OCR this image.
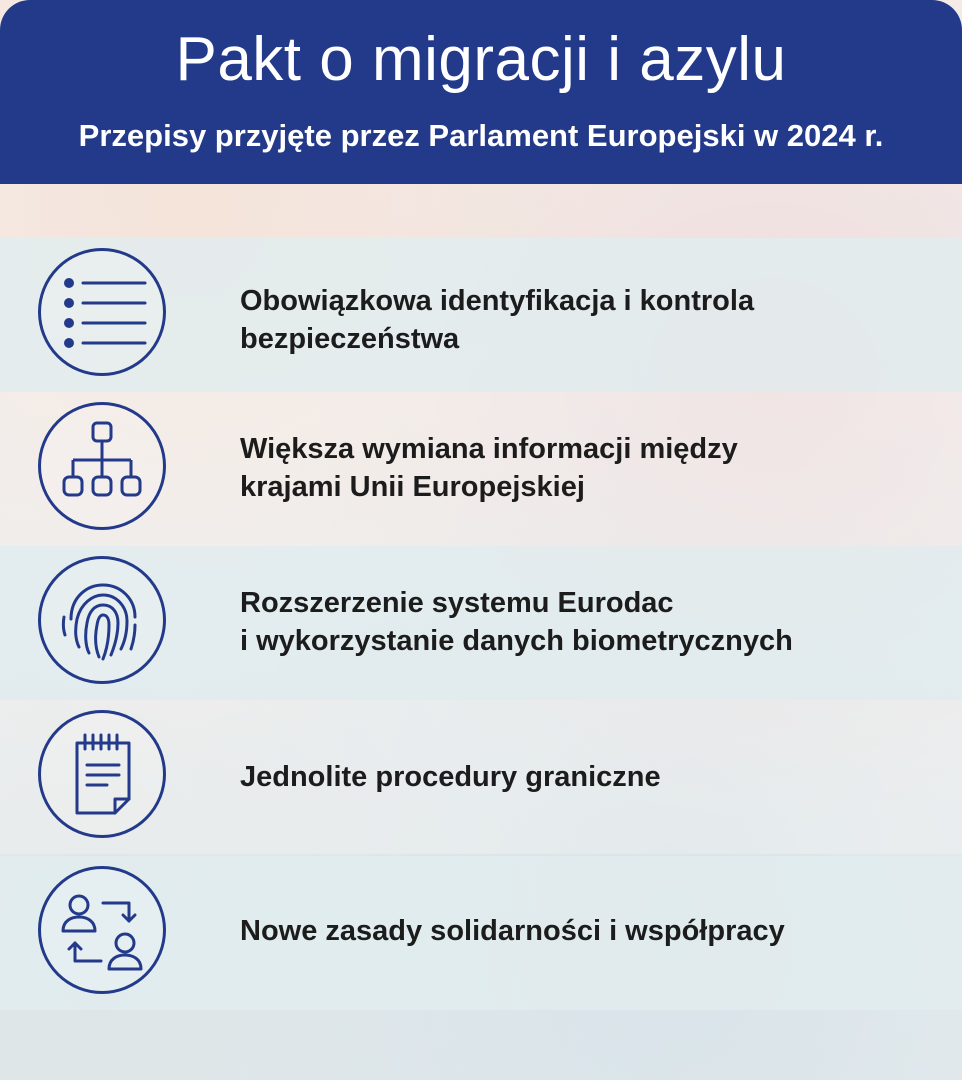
Pakt o migracji i azylu
Przepisy przyjęte przez Parlament Europejski w 2024 r.
Obowiązkowa identyfikacja i kontrola
bezpieczeństwa
Większa wymiana informacji między
krajami Unii Europejskiej
Rozszerzenie systemu Eurodac
i wykorzystanie danych biometrycznych
Jednolite procedury graniczne
Nowe zasady solidarności i współpracy
